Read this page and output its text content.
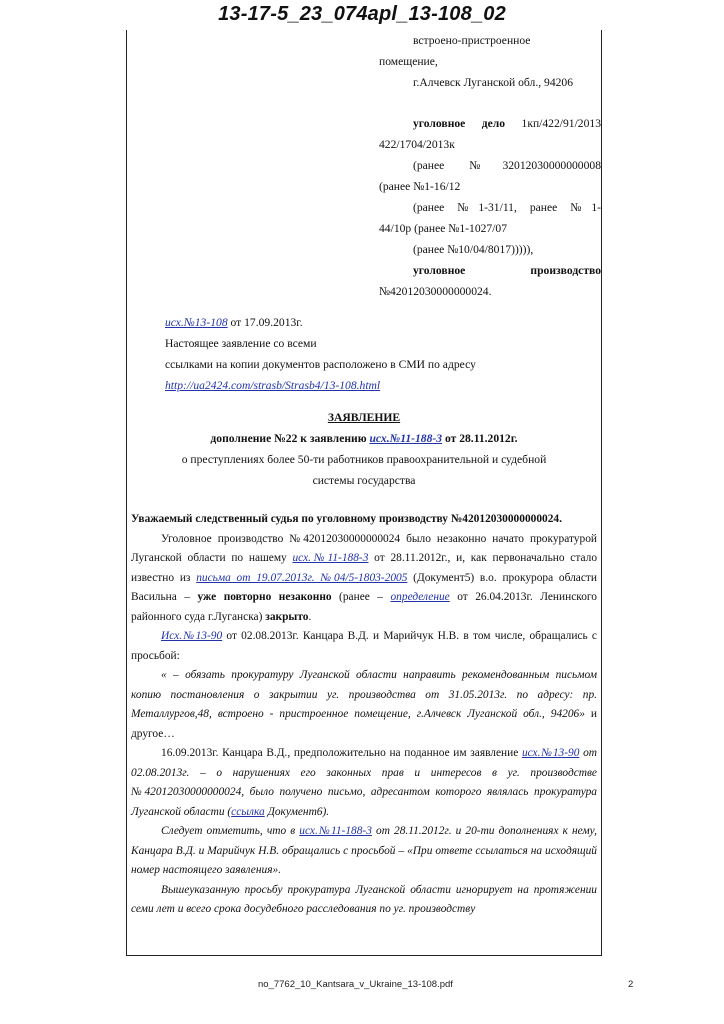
13-17-5_23_074apl_13-108_02
встроено-пристроенное
помещение,
г.Алчевск Луганской обл., 94206
уголовное дело 1кп/422/91/2013
422/1704/2013к
(ранее №32012030000000008
(ранее №1-16/12
(ранее №1-31/11, ранее №1-
44/10р (ранее №1-1027/07
(ранее №10/04/8017))))),
уголовное	производство
№42012030000000024.
исх.№13-108 от 17.09.2013г.
Настоящее заявление со всеми
ссылками на копии документов расположено в СМИ по адресу
http://ua2424.com/strasb/Strasb4/13-108.html
ЗАЯВЛЕНИЕ
дополнение №22 к заявлению исх.№11-188-3 от 28.11.2012г.
о преступлениях более 50-ти работников правоохранительной и судебной
системы государства

Уважаемый следственный судья по уголовному производству №42012030000000024.

Уголовное производство №42012030000000024 было незаконно начато прокуратурой Луганской области по нашему исх.№11-188-3 от 28.11.2012г., и, как первоначально стало известно из письма от 19.07.2013г. №04/5-1803-2005 (Документ5) в.о. прокурора области Васильна – уже повторно незаконно (ранее – определение от 26.04.2013г. Ленинского районного суда г.Луганска) закрыто.

Исх.№13-90 от 02.08.2013г. Канцара В.Д. и Марийчук Н.В. в том числе, обращались с просьбой:

« – обязать прокуратуру Луганской области направить рекомендованным письмом копию постановления о закрытии уг. производства от 31.05.2013г. по адресу: пр. Металлургов,48, встроено - пристроенное помещение, г.Алчевск Луганской обл., 94206» и другое…

16.09.2013г. Канцара В.Д., предположительно на поданное им заявление исх.№13-90 от 02.08.2013г. – о нарушениях его законных прав и интересов в уг. производстве №42012030000000024, было получено письмо, адресантом которого являлась прокуратура Луганской области (ссылка Документ6).

Следует отметить, что в исх.№11-188-3 от 28.11.2012г. и 20-ти дополнениях к нему, Канцара В.Д. и Марийчук Н.В. обращались с просьбой – «При ответе ссылаться на исходящий номер настоящего заявления».

Вышеуказанную просьбу прокуратура Луганской области игнорирует на протяжении семи лет и всего срока досудебного расследования по уг. производству

no_7762_10_Kantsara_v_Ukraine_13-108.pdf	2
